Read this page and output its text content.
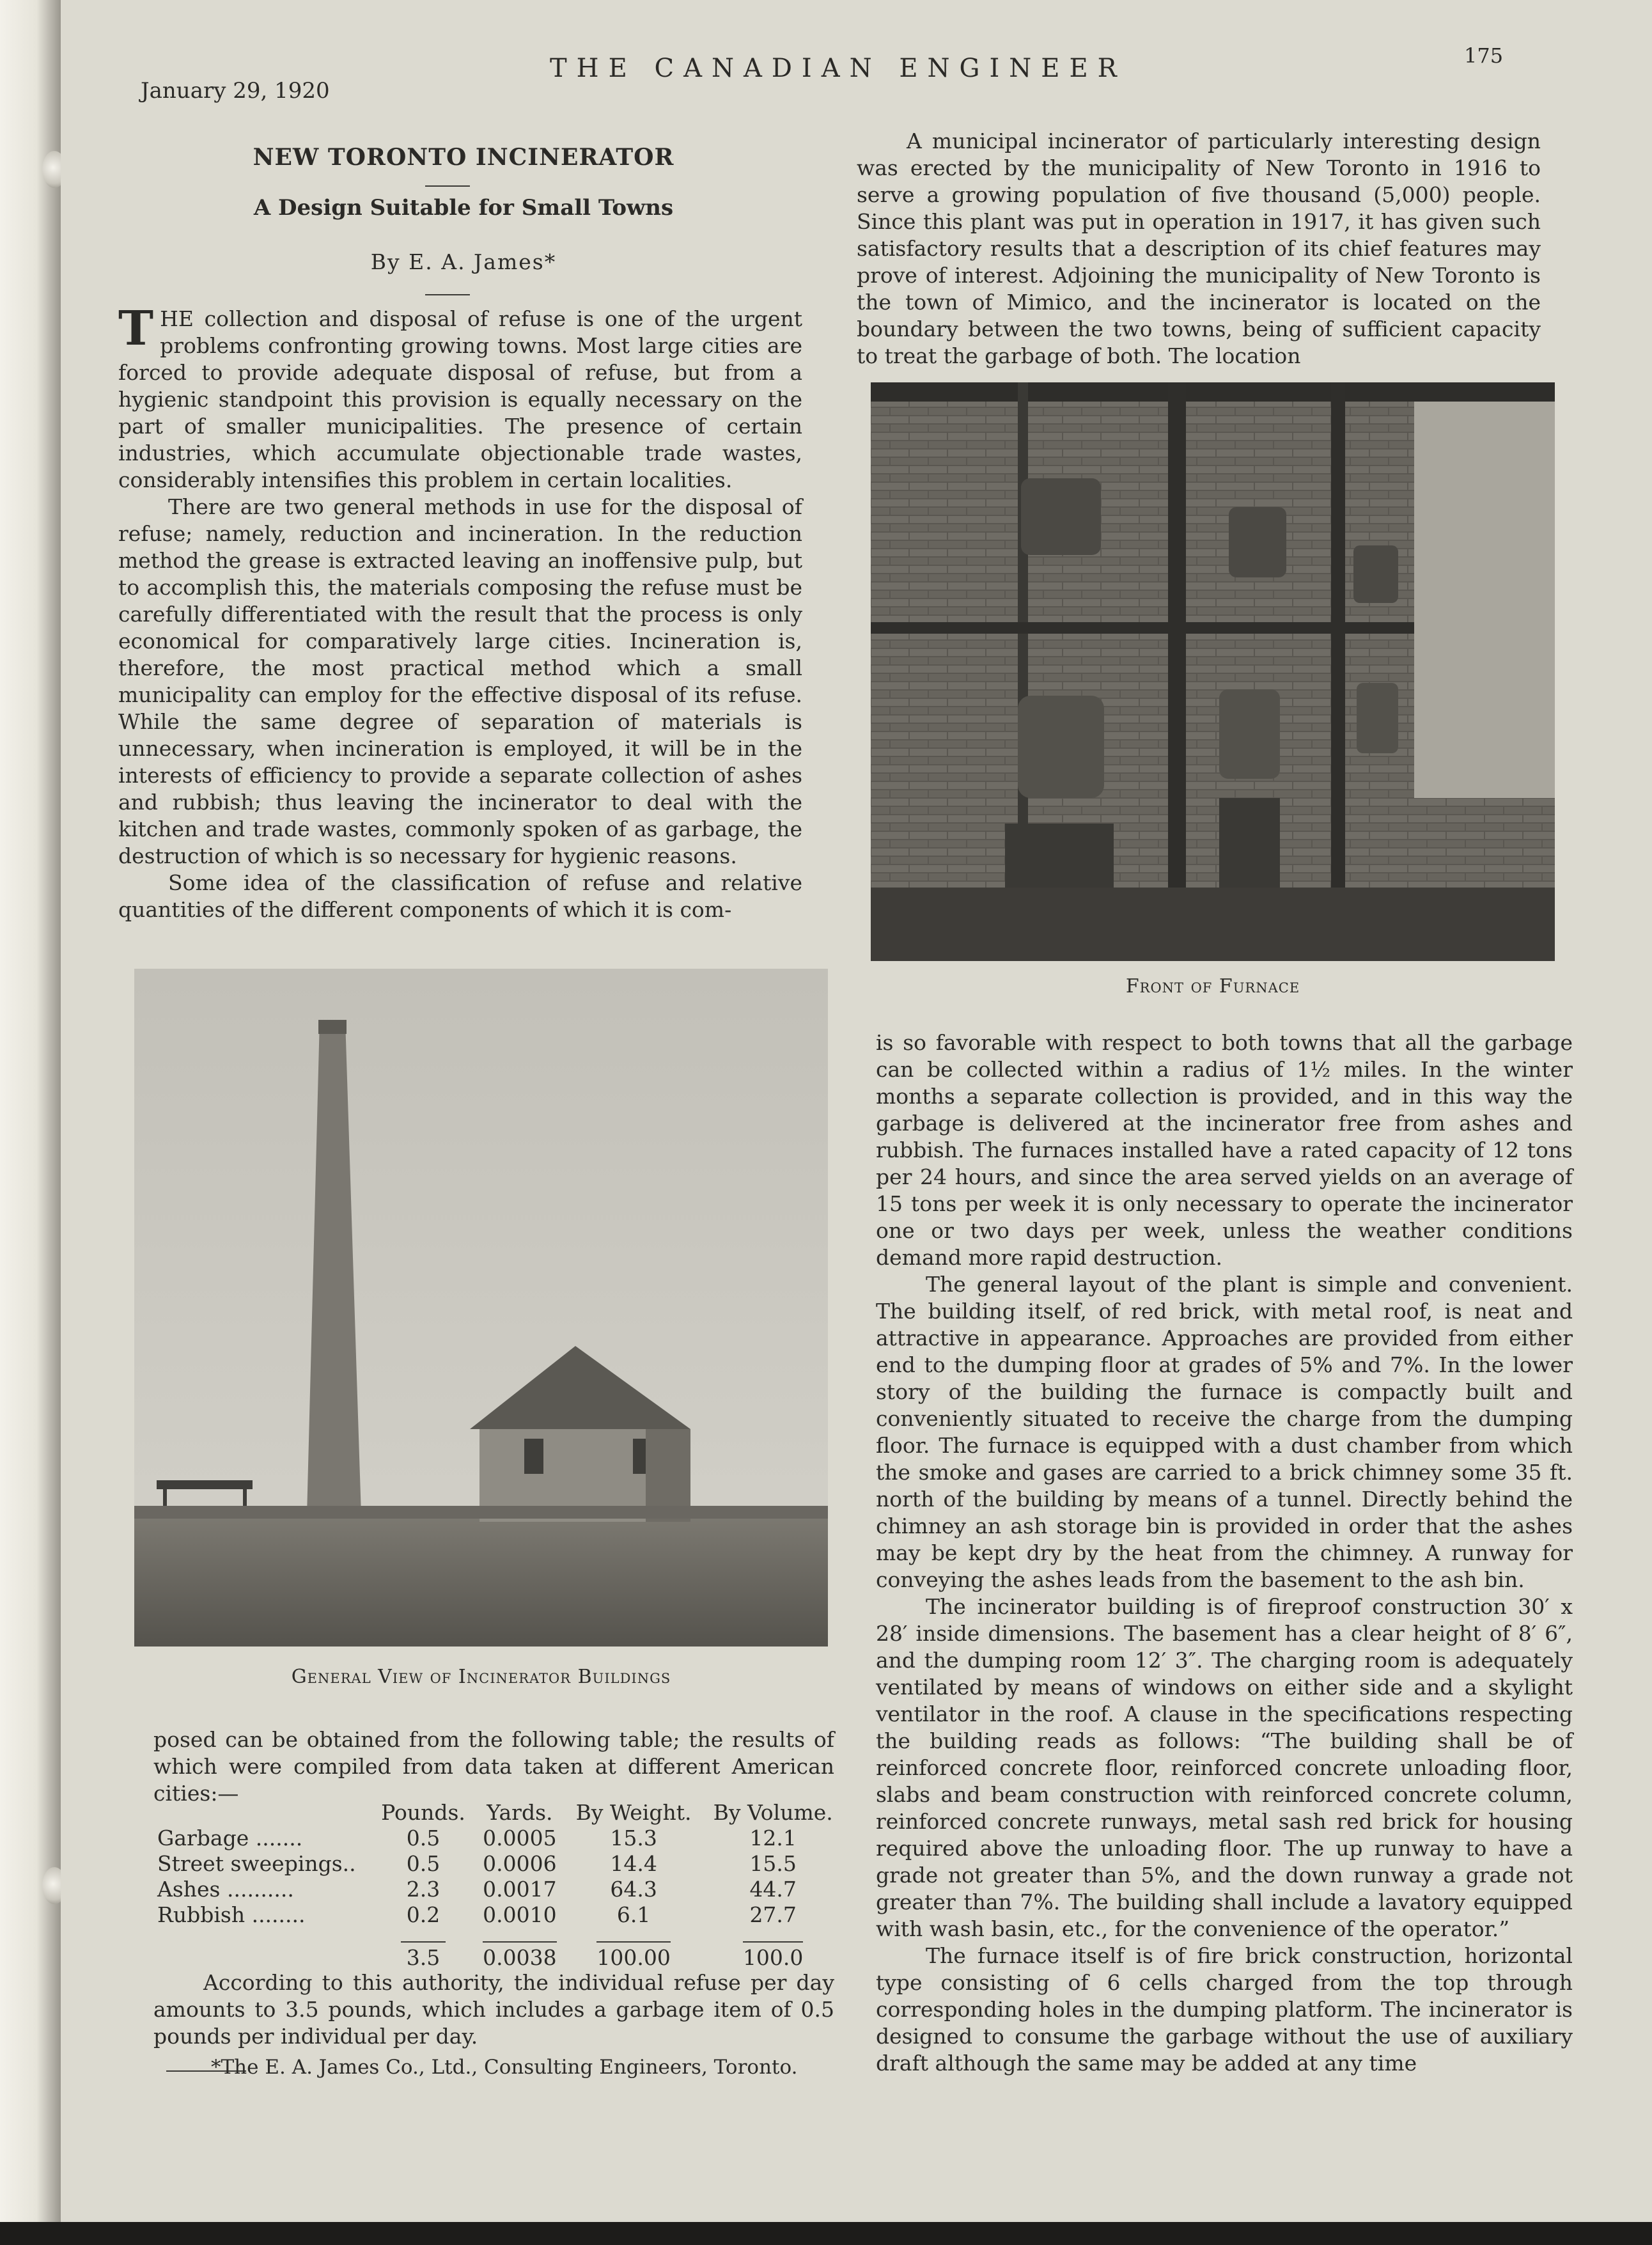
January 29, 1920
THE CANADIAN ENGINEER	175
NEW TORONTO INCINERATOR
A Design Suitable for Small Towns
By E. A. James*

THE collection and disposal of refuse is one of the urgent problems confronting growing towns. Most large cities are forced to provide adequate disposal of refuse, but from a hygienic standpoint this provision is equally necessary on the part of smaller municipalities. The presence of certain industries, which accumulate objectionable trade wastes, considerably intensifies this problem in certain localities.

There are two general methods in use for the disposal of refuse; namely, reduction and incineration. In the reduction method the grease is extracted leaving an inoffensive pulp, but to accomplish this, the materials composing the refuse must be carefully differentiated with the result that the process is only economical for comparatively large cities. Incineration is, therefore, the most practical method which a small municipality can employ for the effective disposal of its refuse. While the same degree of separation of materials is unnecessary, when incineration is employed, it will be in the interests of efficiency to provide a separate collection of ashes and rubbish; thus leaving the incinerator to deal with the kitchen and trade wastes, commonly spoken of as garbage, the destruction of which is so necessary for hygienic reasons.

Some idea of the classification of refuse and relative quantities of the different components of which it is com-

General View of Incinerator Buildings

posed can be obtained from the following table; the results of which were compiled from data taken at different American cities:—

	Pounds.	Yards.	By Weight.	By Volume.
Garbage .......	0.5	0.0005	15.3	12.1
Street sweepings..	0.5	0.0006	14.4	15.5
Ashes ..........	2.3	0.0017	64.3	44.7
Rubbish ........	0.2	0.0010	6.1	27.7
	3.5	0.0038	100.00	100.0

According to this authority, the individual refuse per day amounts to 3.5 pounds, which includes a garbage item of 0.5 pounds per individual per day.

*The E. A. James Co., Ltd., Consulting Engineers, Toronto.

A municipal incinerator of particularly interesting design was erected by the municipality of New Toronto in 1916 to serve a growing population of five thousand (5,000) people. Since this plant was put in operation in 1917, it has given such satisfactory results that a description of its chief features may prove of interest. Adjoining the municipality of New Toronto is the town of Mimico, and the incinerator is located on the boundary between the two towns, being of sufficient capacity to treat the garbage of both. The location

Front of Furnace

is so favorable with respect to both towns that all the garbage can be collected within a radius of 1½ miles. In the winter months a separate collection is provided, and in this way the garbage is delivered at the incinerator free from ashes and rubbish. The furnaces installed have a rated capacity of 12 tons per 24 hours, and since the area served yields on an average of 15 tons per week it is only necessary to operate the incinerator one or two days per week, unless the weather conditions demand more rapid destruction.

The general layout of the plant is simple and convenient. The building itself, of red brick, with metal roof, is neat and attractive in appearance. Approaches are provided from either end to the dumping floor at grades of 5% and 7%. In the lower story of the building the furnace is compactly built and conveniently situated to receive the charge from the dumping floor. The furnace is equipped with a dust chamber from which the smoke and gases are carried to a brick chimney some 35 ft. north of the building by means of a tunnel. Directly behind the chimney an ash storage bin is provided in order that the ashes may be kept dry by the heat from the chimney. A runway for conveying the ashes leads from the basement to the ash bin.

The incinerator building is of fireproof construction 30′ x 28′ inside dimensions. The basement has a clear height of 8′ 6″, and the dumping room 12′ 3″. The charging room is adequately ventilated by means of windows on either side and a skylight ventilator in the roof. A clause in the specifications respecting the building reads as follows: “The building shall be of reinforced concrete floor, reinforced concrete unloading floor, slabs and beam construction with reinforced concrete column, reinforced concrete runways, metal sash red brick for housing required above the unloading floor. The up runway to have a grade not greater than 5%, and the down runway a grade not greater than 7%. The building shall include a lavatory equipped with wash basin, etc., for the convenience of the operator.”

The furnace itself is of fire brick construction, horizontal type consisting of 6 cells charged from the top through corresponding holes in the dumping platform. The incinerator is designed to consume the garbage without the use of auxiliary draft although the same may be added at any time
